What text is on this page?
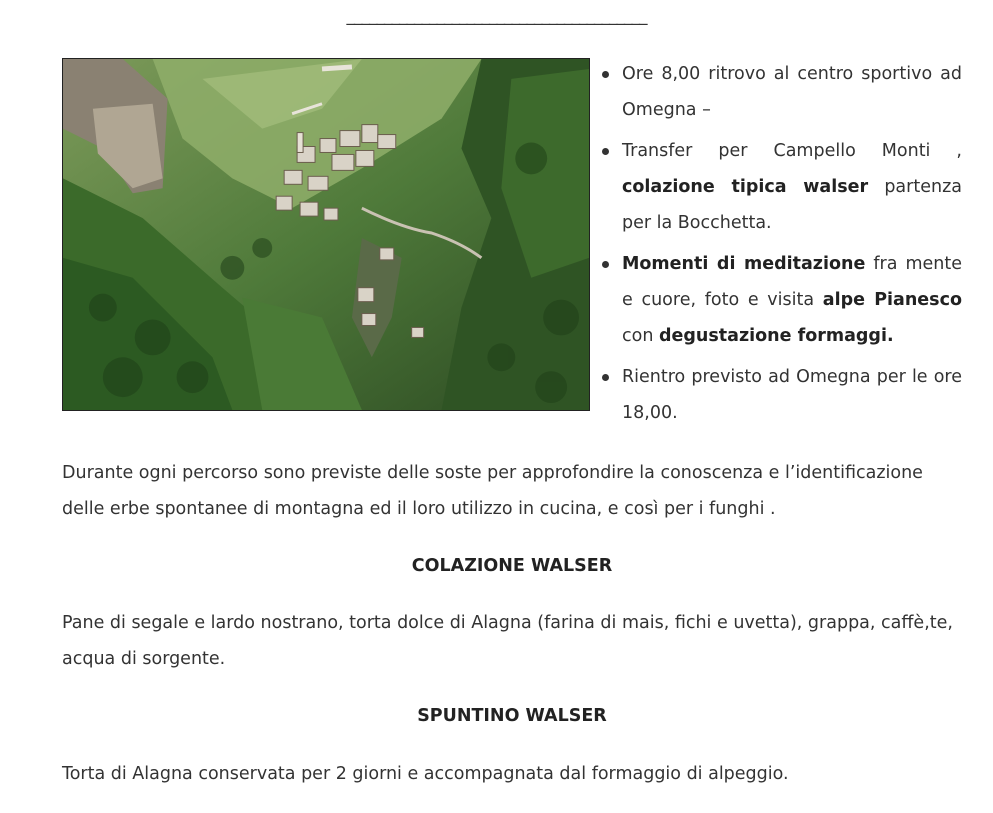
________________________________________
Ore 8,00 ritrovo al centro sportivo ad Omegna –
Transfer per Campello Monti , colazione tipica walser partenza per la Bocchetta.
Momenti di meditazione fra mente e cuore, foto e visita alpe Pianesco con degustazione formaggi.
Rientro previsto ad Omegna per le ore 18,00.

Durante ogni percorso sono previste delle soste per approfondire la conoscenza e l’identificazione delle erbe spontanee di montagna ed il loro utilizzo in cucina, e così per i funghi .

COLAZIONE WALSER

Pane di segale e lardo nostrano, torta dolce di Alagna (farina di mais, fichi e uvetta), grappa, caffè,te, acqua di sorgente.

SPUNTINO WALSER

Torta di Alagna conservata per 2 giorni e accompagnata dal formaggio di alpeggio.
